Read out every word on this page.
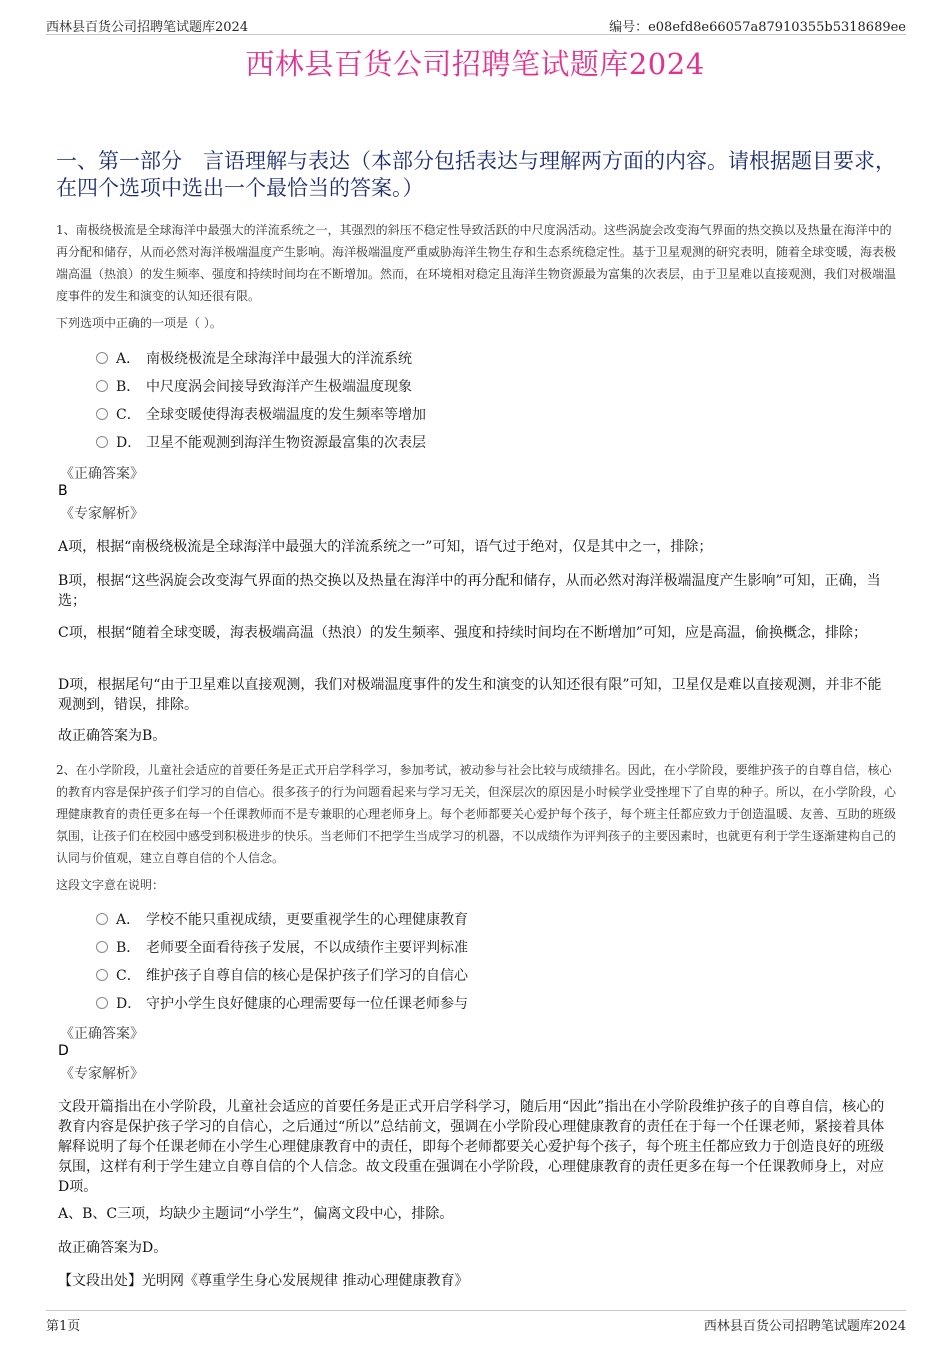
西林县百货公司招聘笔试题库2024	编号：e08efd8e66057a87910355b5318689ee
西林县百货公司招聘笔试题库2024
一、第一部分　言语理解与表达（本部分包括表达与理解两方面的内容。请根据题目要求，在四个选项中选出一个最恰当的答案。）
1、南极绕极流是全球海洋中最强大的洋流系统之一，其强烈的斜压不稳定性导致活跃的中尺度涡活动。这些涡旋会改变海气界面的热交换以及热量在海洋中的再分配和储存，从而必然对海洋极端温度产生影响。海洋极端温度严重威胁海洋生物生存和生态系统稳定性。基于卫星观测的研究表明，随着全球变暖，海表极端高温（热浪）的发生频率、强度和持续时间均在不断增加。然而，在环境相对稳定且海洋生物资源最为富集的次表层，由于卫星难以直接观测，我们对极端温度事件的发生和演变的认知还很有限。
下列选项中正确的一项是（ ）。
A． 南极绕极流是全球海洋中最强大的洋流系统
B． 中尺度涡会间接导致海洋产生极端温度现象
C． 全球变暖使得海表极端温度的发生频率等增加
D． 卫星不能观测到海洋生物资源最富集的次表层
《正确答案》
B
《专家解析》
A项，根据“南极绕极流是全球海洋中最强大的洋流系统之一”可知，语气过于绝对，仅是其中之一，排除；
B项，根据“这些涡旋会改变海气界面的热交换以及热量在海洋中的再分配和储存，从而必然对海洋极端温度产生影响”可知，正确，当选；
C项，根据“随着全球变暖，海表极端高温（热浪）的发生频率、强度和持续时间均在不断增加”可知，应是高温，偷换概念，排除；
D项，根据尾句“由于卫星难以直接观测，我们对极端温度事件的发生和演变的认知还很有限”可知，卫星仅是难以直接观测，并非不能观测到，错误，排除。
故正确答案为B。
2、在小学阶段，儿童社会适应的首要任务是正式开启学科学习，参加考试，被动参与社会比较与成绩排名。因此，在小学阶段，要维护孩子的自尊自信，核心的教育内容是保护孩子们学习的自信心。很多孩子的行为问题看起来与学习无关，但深层次的原因是小时候学业受挫埋下了自卑的种子。所以，在小学阶段，心理健康教育的责任更多在每一个任课教师而不是专兼职的心理老师身上。每个老师都要关心爱护每个孩子，每个班主任都应致力于创造温暖、友善、互助的班级氛围，让孩子们在校园中感受到积极进步的快乐。当老师们不把学生当成学习的机器，不以成绩作为评判孩子的主要因素时，也就更有利于学生逐渐建构自己的认同与价值观，建立自尊自信的个人信念。
这段文字意在说明：
A． 学校不能只重视成绩，更要重视学生的心理健康教育
B． 老师要全面看待孩子发展，不以成绩作主要评判标准
C． 维护孩子自尊自信的核心是保护孩子们学习的自信心
D． 守护小学生良好健康的心理需要每一位任课老师参与
《正确答案》
D
《专家解析》
文段开篇指出在小学阶段，儿童社会适应的首要任务是正式开启学科学习，随后用“因此”指出在小学阶段维护孩子的自尊自信，核心的教育内容是保护孩子学习的自信心，之后通过“所以”总结前文，强调在小学阶段心理健康教育的责任在于每一个任课老师，紧接着具体解释说明了每个任课老师在小学生心理健康教育中的责任，即每个老师都要关心爱护每个孩子，每个班主任都应致力于创造良好的班级氛围，这样有利于学生建立自尊自信的个人信念。故文段重在强调在小学阶段，心理健康教育的责任更多在每一个任课教师身上，对应D项。
A、B、C三项，均缺少主题词“小学生”，偏离文段中心，排除。
故正确答案为D。
【文段出处】光明网《尊重学生身心发展规律 推动心理健康教育》
第1页	西林县百货公司招聘笔试题库2024
